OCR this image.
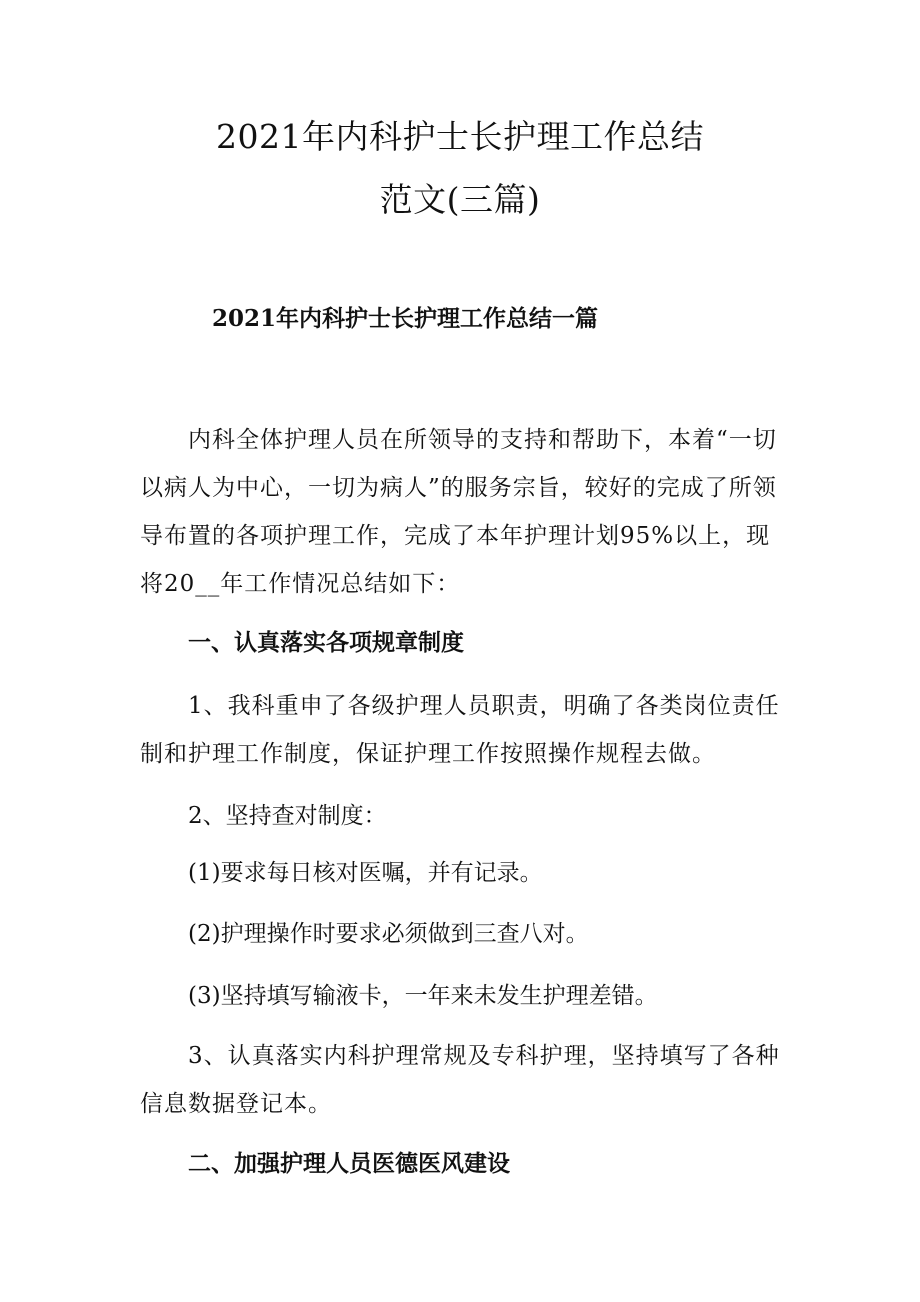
2021年内科护士长护理工作总结
范文(三篇)
2021年内科护士长护理工作总结一篇

内科全体护理人员在所领导的支持和帮助下，本着“一切以病人为中心，一切为病人”的服务宗旨，较好的完成了所领导布置的各项护理工作，完成了本年护理计划95%以上，现将20__年工作情况总结如下：

一、认真落实各项规章制度

1、我科重申了各级护理人员职责，明确了各类岗位责任制和护理工作制度，保证护理工作按照操作规程去做。

2、坚持查对制度：

(1)要求每日核对医嘱，并有记录。

(2)护理操作时要求必须做到三查八对。

(3)坚持填写输液卡，一年来未发生护理差错。

3、认真落实内科护理常规及专科护理，坚持填写了各种信息数据登记本。

二、加强护理人员医德医风建设
